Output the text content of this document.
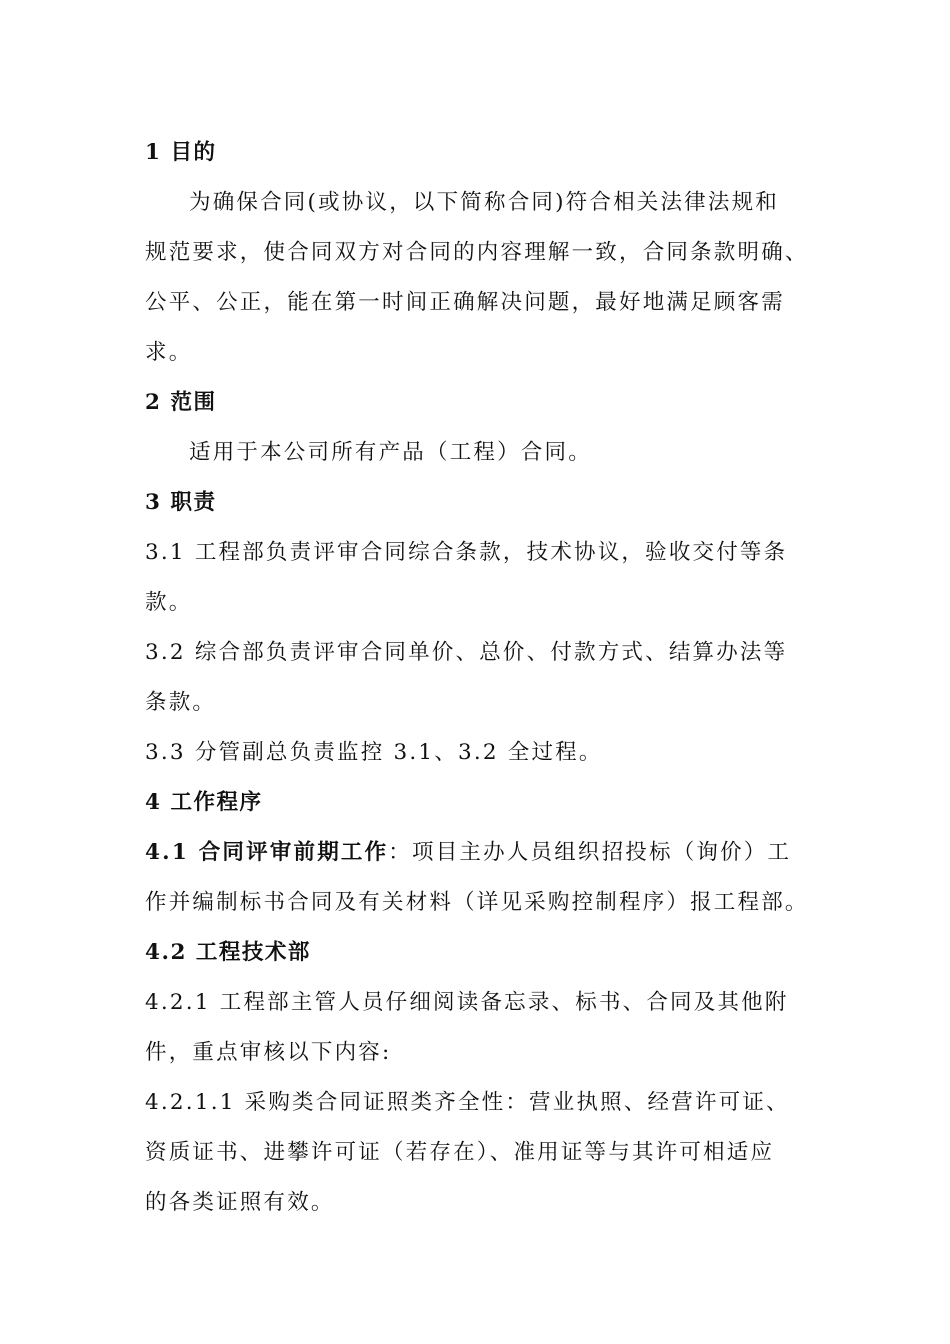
1 目的
为确保合同(或协议，以下简称合同)符合相关法律法规和
规范要求，使合同双方对合同的内容理解一致，合同条款明确、
公平、公正，能在第一时间正确解决问题，最好地满足顾客需
求。
2 范围
适用于本公司所有产品（工程）合同。
3 职责
3.1 工程部负责评审合同综合条款，技术协议，验收交付等条
款。
3.2 综合部负责评审合同单价、总价、付款方式、结算办法等
条款。
3.3 分管副总负责监控 3.1、3.2 全过程。
4 工作程序
4.1 合同评审前期工作：项目主办人员组织招投标（询价）工
作并编制标书合同及有关材料（详见采购控制程序）报工程部。
4.2 工程技术部
4.2.1 工程部主管人员仔细阅读备忘录、标书、合同及其他附
件，重点审核以下内容:
4.2.1.1 采购类合同证照类齐全性：营业执照、经营许可证、
资质证书、进攀许可证（若存在）、准用证等与其许可相适应
的各类证照有效。
